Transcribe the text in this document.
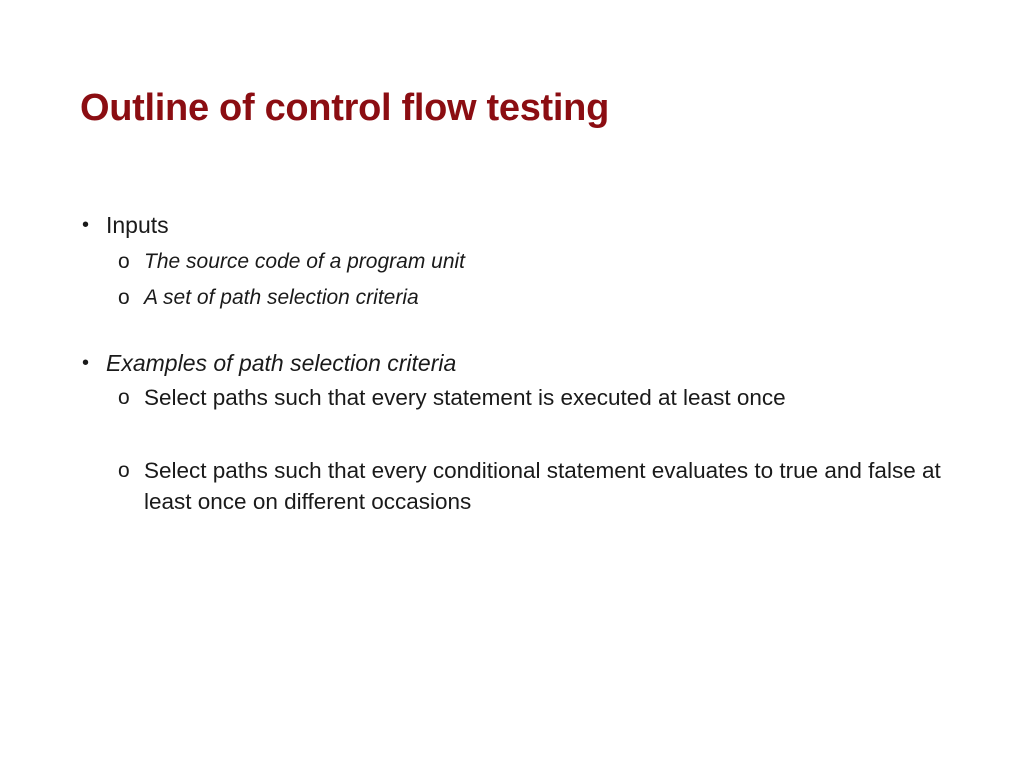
Outline of control flow testing
• Inputs
o The source code of a program unit
o A set of path selection criteria
• Examples of path selection criteria
o Select paths such that every statement is executed at least once
o Select paths such that every conditional statement evaluates to true and false at least once on different occasions
